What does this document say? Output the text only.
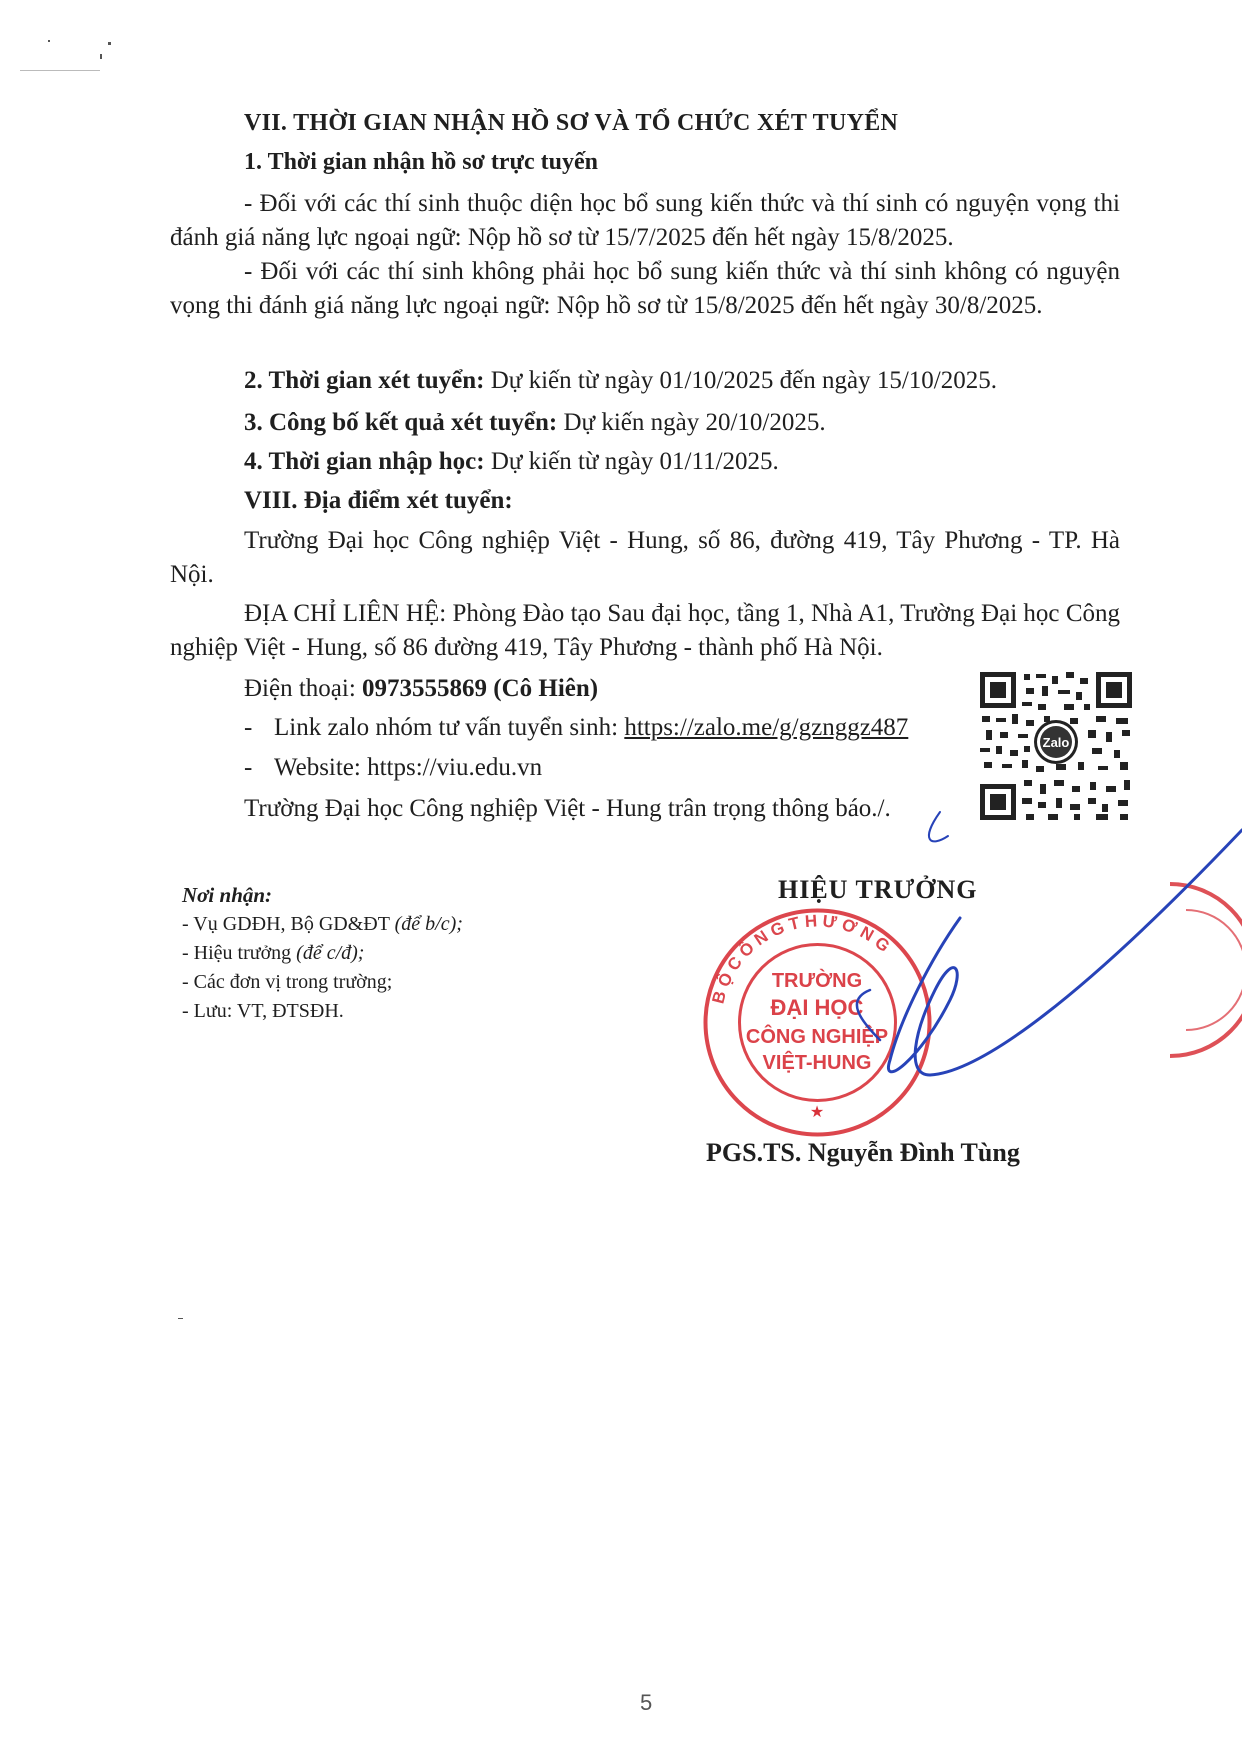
VII. THỜI GIAN NHẬN HỒ SƠ VÀ TỔ CHỨC XÉT TUYỂN
1. Thời gian nhận hồ sơ trực tuyến
- Đối với các thí sinh thuộc diện học bổ sung kiến thức và thí sinh có nguyện vọng thi đánh giá năng lực ngoại ngữ: Nộp hồ sơ từ 15/7/2025 đến hết ngày 15/8/2025.
- Đối với các thí sinh không phải học bổ sung kiến thức và thí sinh không có nguyện vọng thi đánh giá năng lực ngoại ngữ: Nộp hồ sơ từ 15/8/2025 đến hết ngày 30/8/2025.
2. Thời gian xét tuyển: Dự kiến từ ngày 01/10/2025 đến ngày 15/10/2025.
3. Công bố kết quả xét tuyển: Dự kiến ngày 20/10/2025.
4. Thời gian nhập học: Dự kiến từ ngày 01/11/2025.
VIII. Địa điểm xét tuyển:
Trường Đại học Công nghiệp Việt - Hung, số 86, đường 419, Tây Phương - TP. Hà Nội.
ĐỊA CHỈ LIÊN HỆ: Phòng Đào tạo Sau đại học, tầng 1, Nhà A1, Trường Đại học Công nghiệp Việt - Hung, số 86 đường 419, Tây Phương - thành phố Hà Nội.
Điện thoại: 0973555869 (Cô Hiên)
- Link zalo nhóm tư vấn tuyển sinh: https://zalo.me/g/gznggz487
- Website: https://viu.edu.vn
Trường Đại học Công nghiệp Việt - Hung trân trọng thông báo./.
Zalo
Nơi nhận:
- Vụ GDĐH, Bộ GD&ĐT (để b/c);
- Hiệu trưởng (để c/đ);
- Các đơn vị trong trường;
- Lưu: VT, ĐTSĐH.
HIỆU TRƯỞNG
B Ộ C Ô N G T H Ư Ơ N G
TRƯỜNG
ĐẠI HỌC
CÔNG NGHIỆP
VIỆT-HUNG
★
PGS.TS. Nguyễn Đình Tùng
5
